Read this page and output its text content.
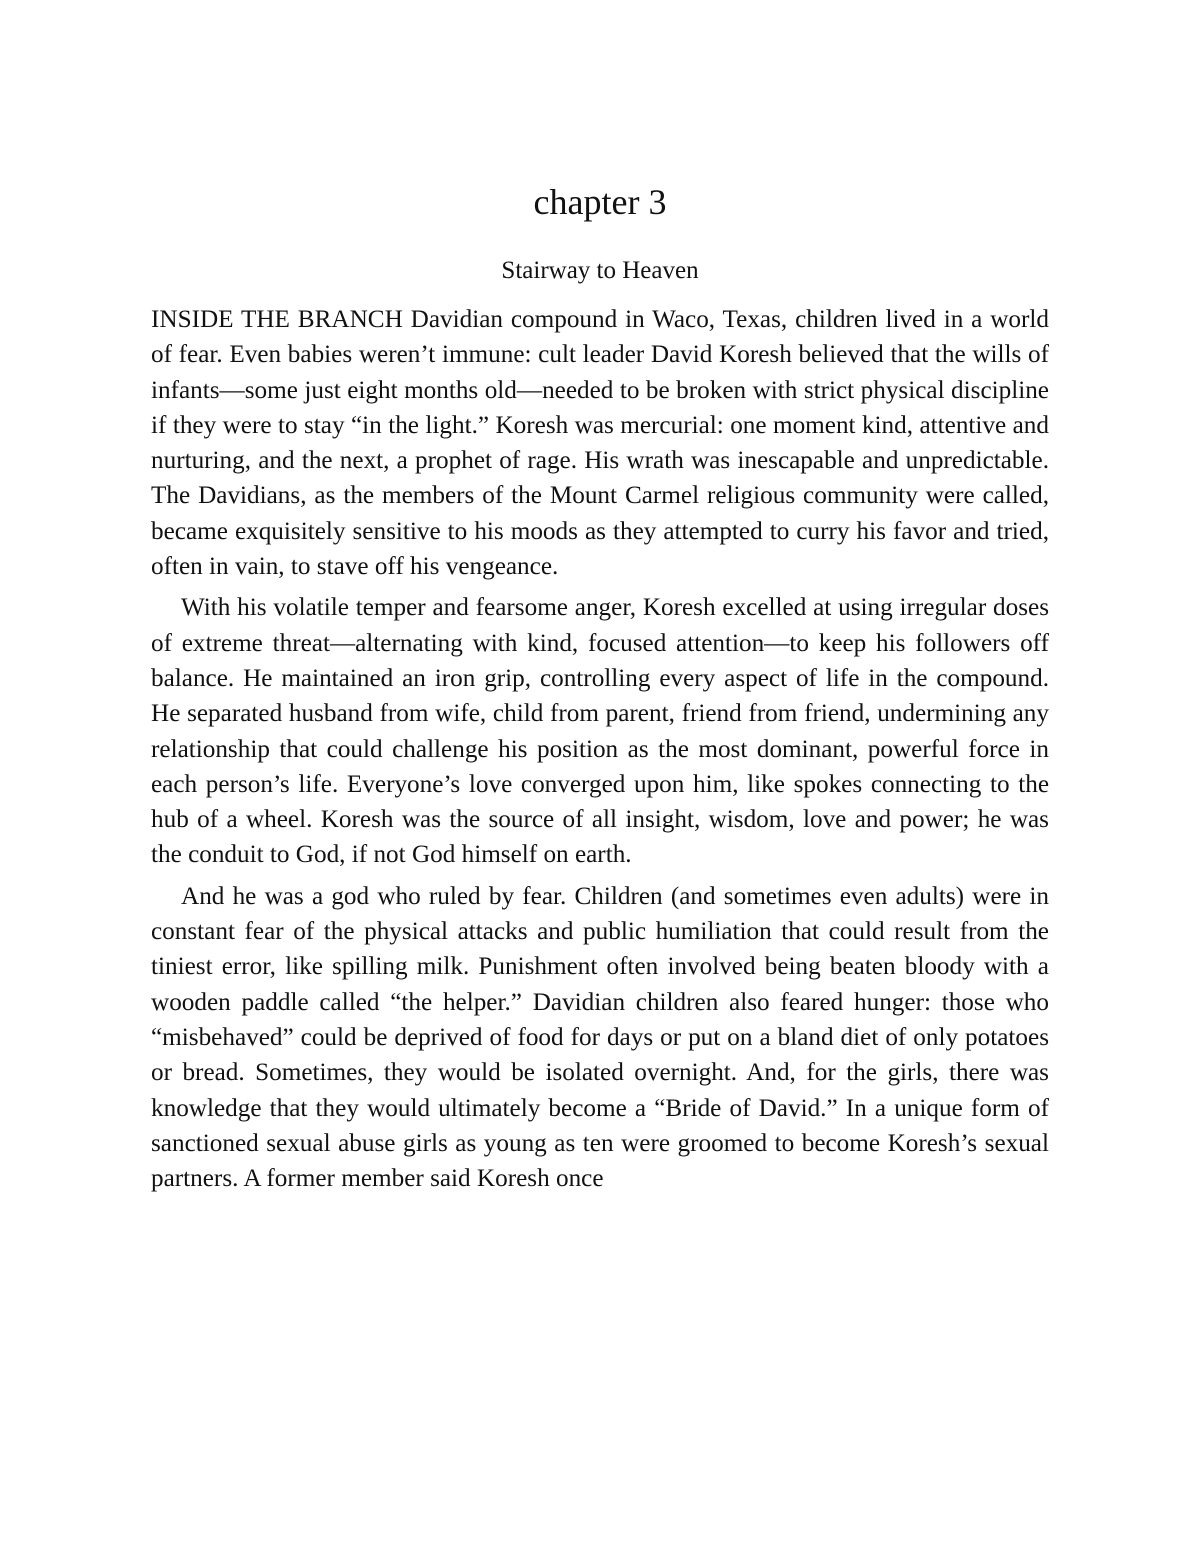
chapter 3
Stairway to Heaven

INSIDE THE BRANCH Davidian compound in Waco, Texas, children lived in a world of fear. Even babies weren’t immune: cult leader David Koresh believed that the wills of infants—some just eight months old—needed to be broken with strict physical discipline if they were to stay “in the light.” Koresh was mercurial: one moment kind, attentive and nurturing, and the next, a prophet of rage. His wrath was inescapable and unpredictable. The Davidians, as the members of the Mount Carmel religious community were called, became exquisitely sensitive to his moods as they attempted to curry his favor and tried, often in vain, to stave off his vengeance.

With his volatile temper and fearsome anger, Koresh excelled at using irregular doses of extreme threat—alternating with kind, focused attention—to keep his followers off balance. He maintained an iron grip, controlling every aspect of life in the compound. He separated husband from wife, child from parent, friend from friend, undermining any relationship that could challenge his position as the most dominant, powerful force in each person’s life. Everyone’s love converged upon him, like spokes connecting to the hub of a wheel. Koresh was the source of all insight, wisdom, love and power; he was the conduit to God, if not God himself on earth.

And he was a god who ruled by fear. Children (and sometimes even adults) were in constant fear of the physical attacks and public humiliation that could result from the tiniest error, like spilling milk. Punishment often involved being beaten bloody with a wooden paddle called “the helper.” Davidian children also feared hunger: those who “misbehaved” could be deprived of food for days or put on a bland diet of only potatoes or bread. Sometimes, they would be isolated overnight. And, for the girls, there was knowledge that they would ultimately become a “Bride of David.” In a unique form of sanctioned sexual abuse girls as young as ten were groomed to become Koresh’s sexual partners. A former member said Koresh once
